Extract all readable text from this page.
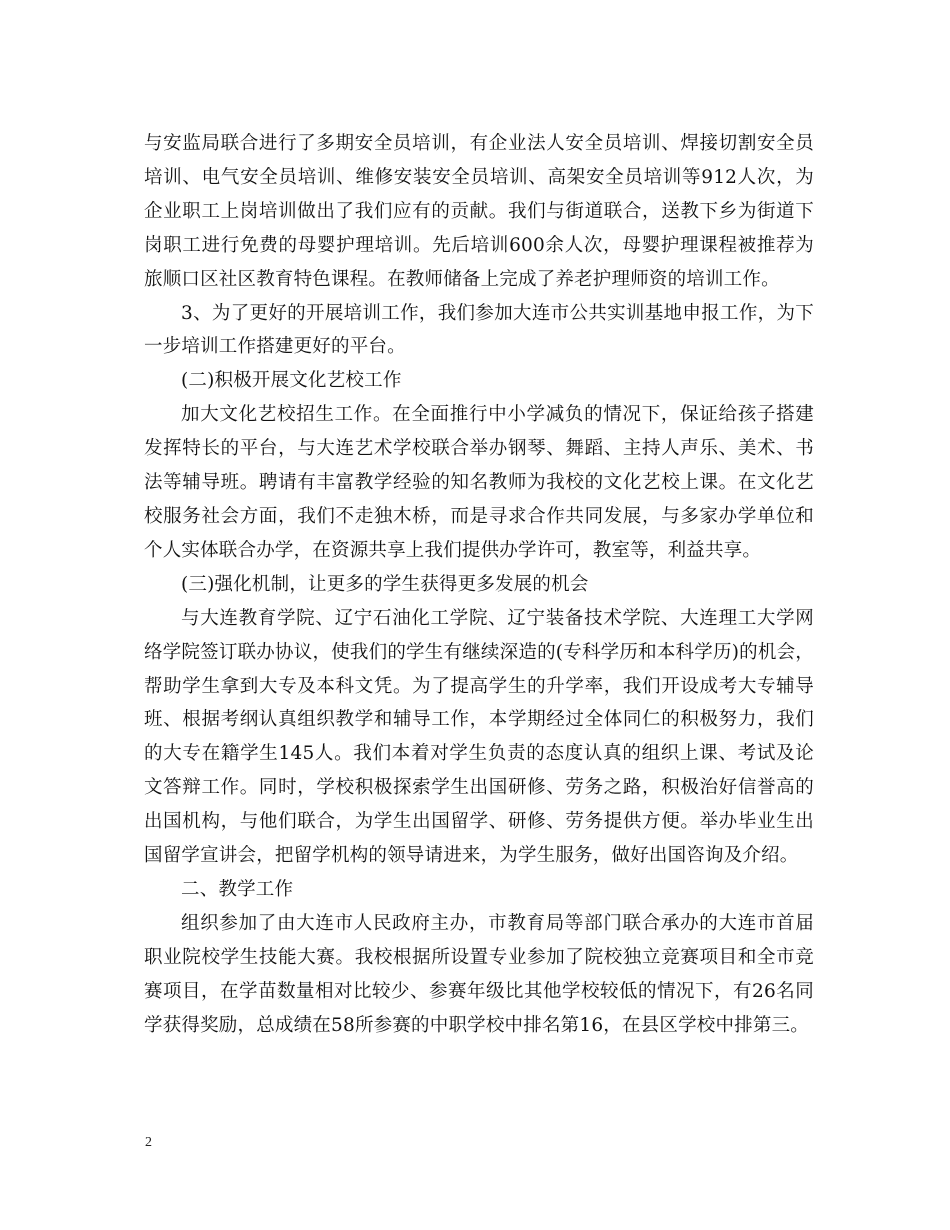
与安监局联合进行了多期安全员培训，有企业法人安全员培训、焊接切割安全员培训、电气安全员培训、维修安装安全员培训、高架安全员培训等912人次，为企业职工上岗培训做出了我们应有的贡献。我们与街道联合，送教下乡为街道下岗职工进行免费的母婴护理培训。先后培训600余人次，母婴护理课程被推荐为旅顺口区社区教育特色课程。在教师储备上完成了养老护理师资的培训工作。

3、为了更好的开展培训工作，我们参加大连市公共实训基地申报工作，为下一步培训工作搭建更好的平台。

(二)积极开展文化艺校工作

加大文化艺校招生工作。在全面推行中小学减负的情况下，保证给孩子搭建发挥特长的平台，与大连艺术学校联合举办钢琴、舞蹈、主持人声乐、美术、书法等辅导班。聘请有丰富教学经验的知名教师为我校的文化艺校上课。在文化艺校服务社会方面，我们不走独木桥，而是寻求合作共同发展，与多家办学单位和个人实体联合办学，在资源共享上我们提供办学许可，教室等，利益共享。

(三)强化机制，让更多的学生获得更多发展的机会

与大连教育学院、辽宁石油化工学院、辽宁装备技术学院、大连理工大学网络学院签订联办协议，使我们的学生有继续深造的(专科学历和本科学历)的机会，帮助学生拿到大专及本科文凭。为了提高学生的升学率，我们开设成考大专辅导班、根据考纲认真组织教学和辅导工作，本学期经过全体同仁的积极努力，我们的大专在籍学生145人。我们本着对学生负责的态度认真的组织上课、考试及论文答辩工作。同时，学校积极探索学生出国研修、劳务之路，积极治好信誉高的出国机构，与他们联合，为学生出国留学、研修、劳务提供方便。举办毕业生出国留学宣讲会，把留学机构的领导请进来，为学生服务，做好出国咨询及介绍。

二、教学工作

组织参加了由大连市人民政府主办，市教育局等部门联合承办的大连市首届职业院校学生技能大赛。我校根据所设置专业参加了院校独立竞赛项目和全市竞赛项目，在学苗数量相对比较少、参赛年级比其他学校较低的情况下，有26名同学获得奖励，总成绩在58所参赛的中职学校中排名第16，在县区学校中排第三。

2
